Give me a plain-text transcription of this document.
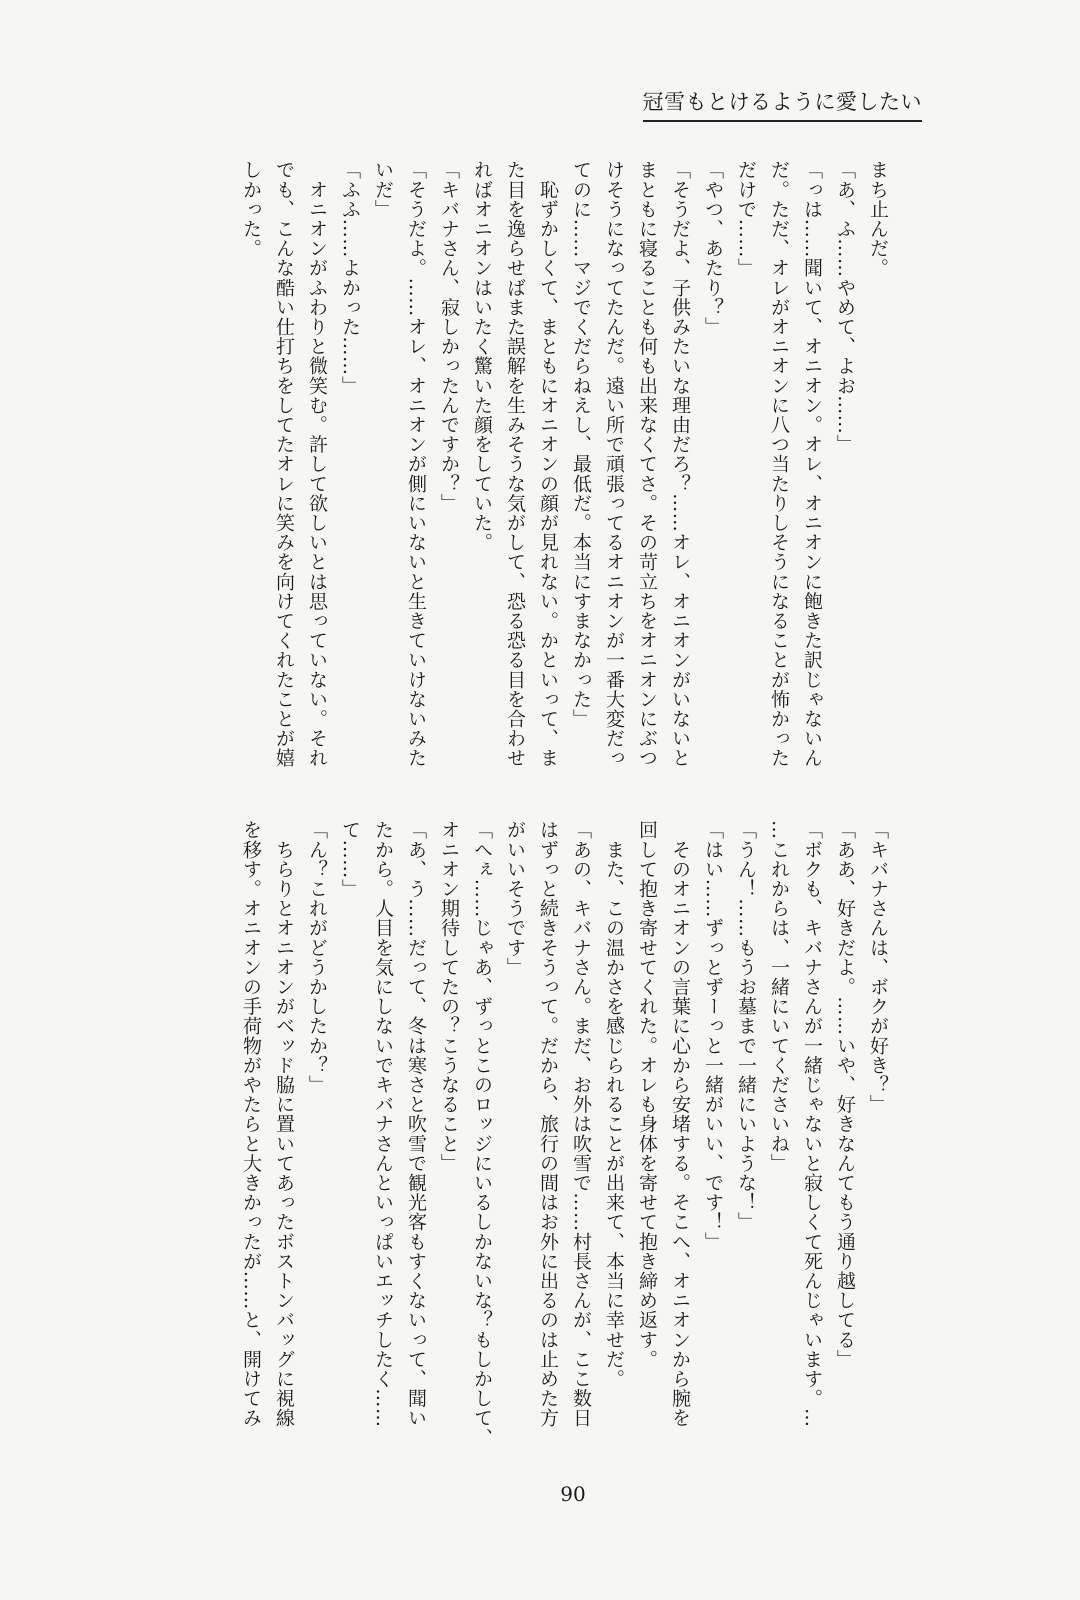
冠雪もとけるように愛したい
まち止んだ。
「あ、ふ……やめて、よお……」
「っは……聞いて、オニオン。オレ、オニオンに飽きた訳じゃないん
だ。ただ、オレがオニオンに八つ当たりしそうになることが怖かった
だけで……」
「やつ、あたり？」
「そうだよ、子供みたいな理由だろ？……オレ、オニオンがいないと
まともに寝ることも何も出来なくてさ。その苛立ちをオニオンにぶつ
けそうになってたんだ。遠い所で頑張ってるオニオンが一番大変だっ
てのに……マジでくだらねえし、最低だ。本当にすまなかった」
　恥ずかしくて、まともにオニオンの顔が見れない。かといって、ま
た目を逸らせばまた誤解を生みそうな気がして、恐る恐る目を合わせ
ればオニオンはいたく驚いた顔をしていた。
「キバナさん、寂しかったんですか？」
「そうだよ。……オレ、オニオンが側にいないと生きていけないみた
いだ」
「ふふ……よかった……」
　オニオンがふわりと微笑む。許して欲しいとは思っていない。それ
でも、こんな酷い仕打ちをしてたオレに笑みを向けてくれたことが嬉
しかった。
「キバナさんは、ボクが好き？」
「ああ、好きだよ。……いや、好きなんてもう通り越してる」
「ボクも、キバナさんが一緒じゃないと寂しくて死んじゃいます。…
…これからは、一緒にいてくださいね」
「うん！……もうお墓まで一緒にいような！」
「はい……ずっとずーっと一緒がいい、です！」
　そのオニオンの言葉に心から安堵する。そこへ、オニオンから腕を
回して抱き寄せてくれた。オレも身体を寄せて抱き締め返す。
　また、この温かさを感じられることが出来て、本当に幸せだ。
「あの、キバナさん。まだ、お外は吹雪で……村長さんが、ここ数日
はずっと続きそうって。だから、旅行の間はお外に出るのは止めた方
がいいそうです」
「へぇ……じゃあ、ずっとこのロッジにいるしかないな？もしかして、
オニオン期待してたの？こうなること」
「あ、う……だって、冬は寒さと吹雪で観光客もすくないって、聞い
たから。人目を気にしないでキバナさんといっぱいエッチしたく……
て……」
「ん？これがどうかしたか？」
　ちらりとオニオンがベッド脇に置いてあったボストンバッグに視線
を移す。オニオンの手荷物がやたらと大きかったが……と、開けてみ
90
